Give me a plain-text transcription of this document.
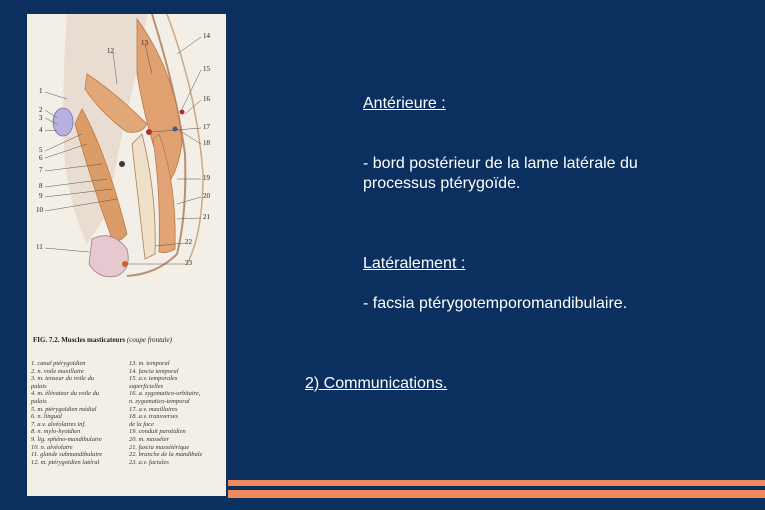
1
2
3
4
5
6
7
8
9
10
11
14
15
16
17
18
19
20
21
22
23
12
13
FIG. 7.2. Muscles masticateurs (coupe frontale)
1. canal ptérygoïdien
2. n. voile maxillaire
3. m. tenseur du voile du
palais
4. m. élévateur du voile du
palais
5. m. ptérygoïdien médial
6. n. lingual
7. a.v. alvéolaires inf.
8. n. mylo-hyoïdien
9. lig. sphéno-mandibulaire
10. n. alvéolaire
11. glande submandibulaire
12. m. ptérygoïdien latéral
13. m. temporal
14. fascia temporal
15. a.v. temporales
superficielles
16. a. zygomatico-orbitaire,
n. zygomatico-temporal
17. a.v. maxillaires
18. a.v. transverses
de la face
19. conduit parotidien
20. m. masséter
21. fascia massétérique
22. branche de la mandibule
23. a.v. faciales
Antérieure :
- bord postérieur de la lame latérale du
processus ptérygoïde.
Latéralement :
- facsia ptérygotemporomandibulaire.
2) Communications.
